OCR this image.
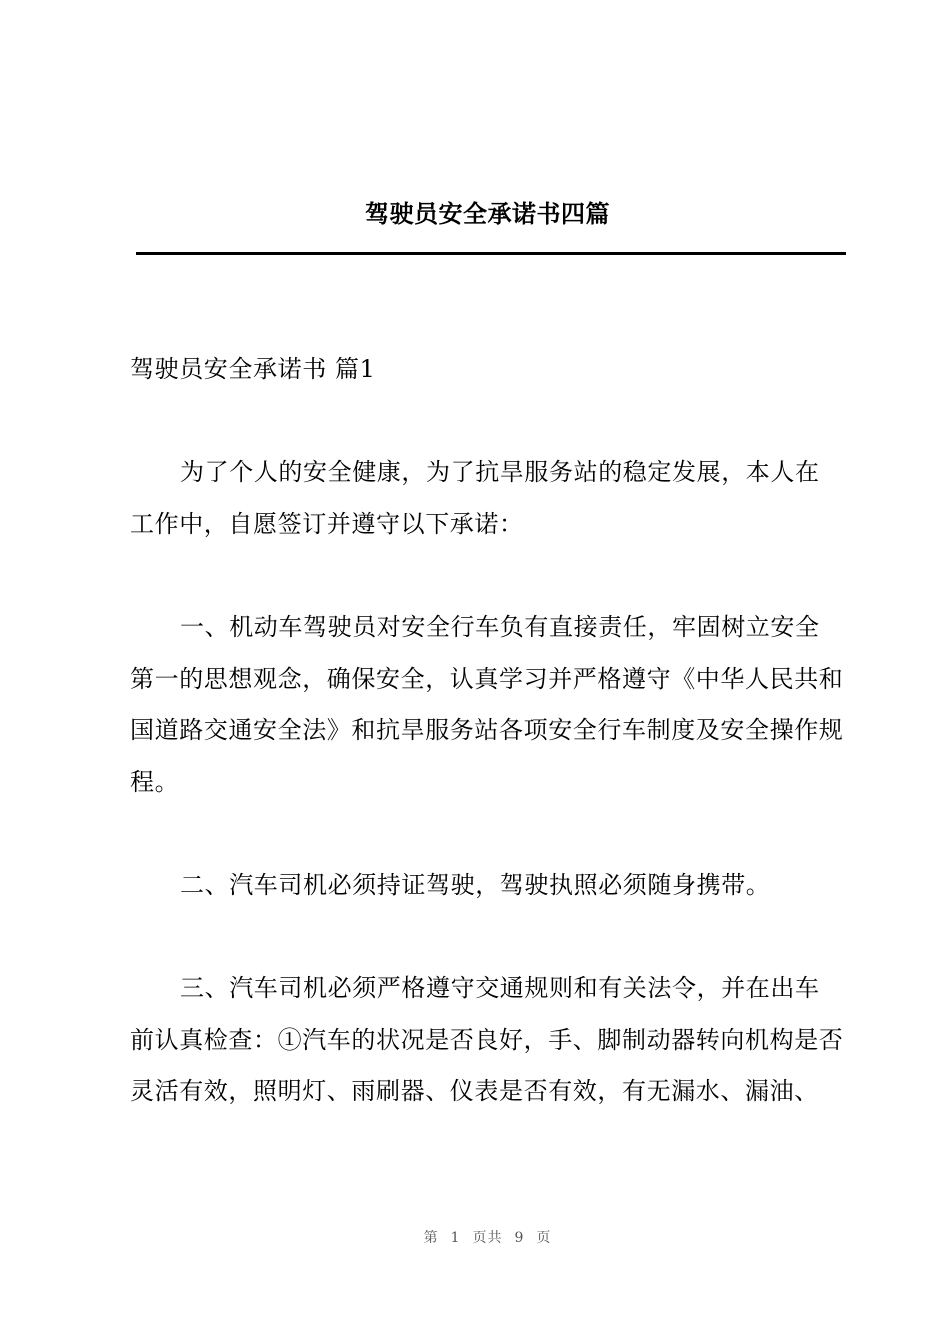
驾驶员安全承诺书四篇

驾驶员安全承诺书 篇1

为了个人的安全健康，为了抗旱服务站的稳定发展，本人在工作中，自愿签订并遵守以下承诺：

一、机动车驾驶员对安全行车负有直接责任，牢固树立安全第一的思想观念，确保安全，认真学习并严格遵守《中华人民共和国道路交通安全法》和抗旱服务站各项安全行车制度及安全操作规程。

二、汽车司机必须持证驾驶，驾驶执照必须随身携带。

三、汽车司机必须严格遵守交通规则和有关法令，并在出车前认真检查：①汽车的状况是否良好，手、脚制动器转向机构是否灵活有效，照明灯、雨刷器、仪表是否有效，有无漏水、漏油、

第 1 页共 9 页
